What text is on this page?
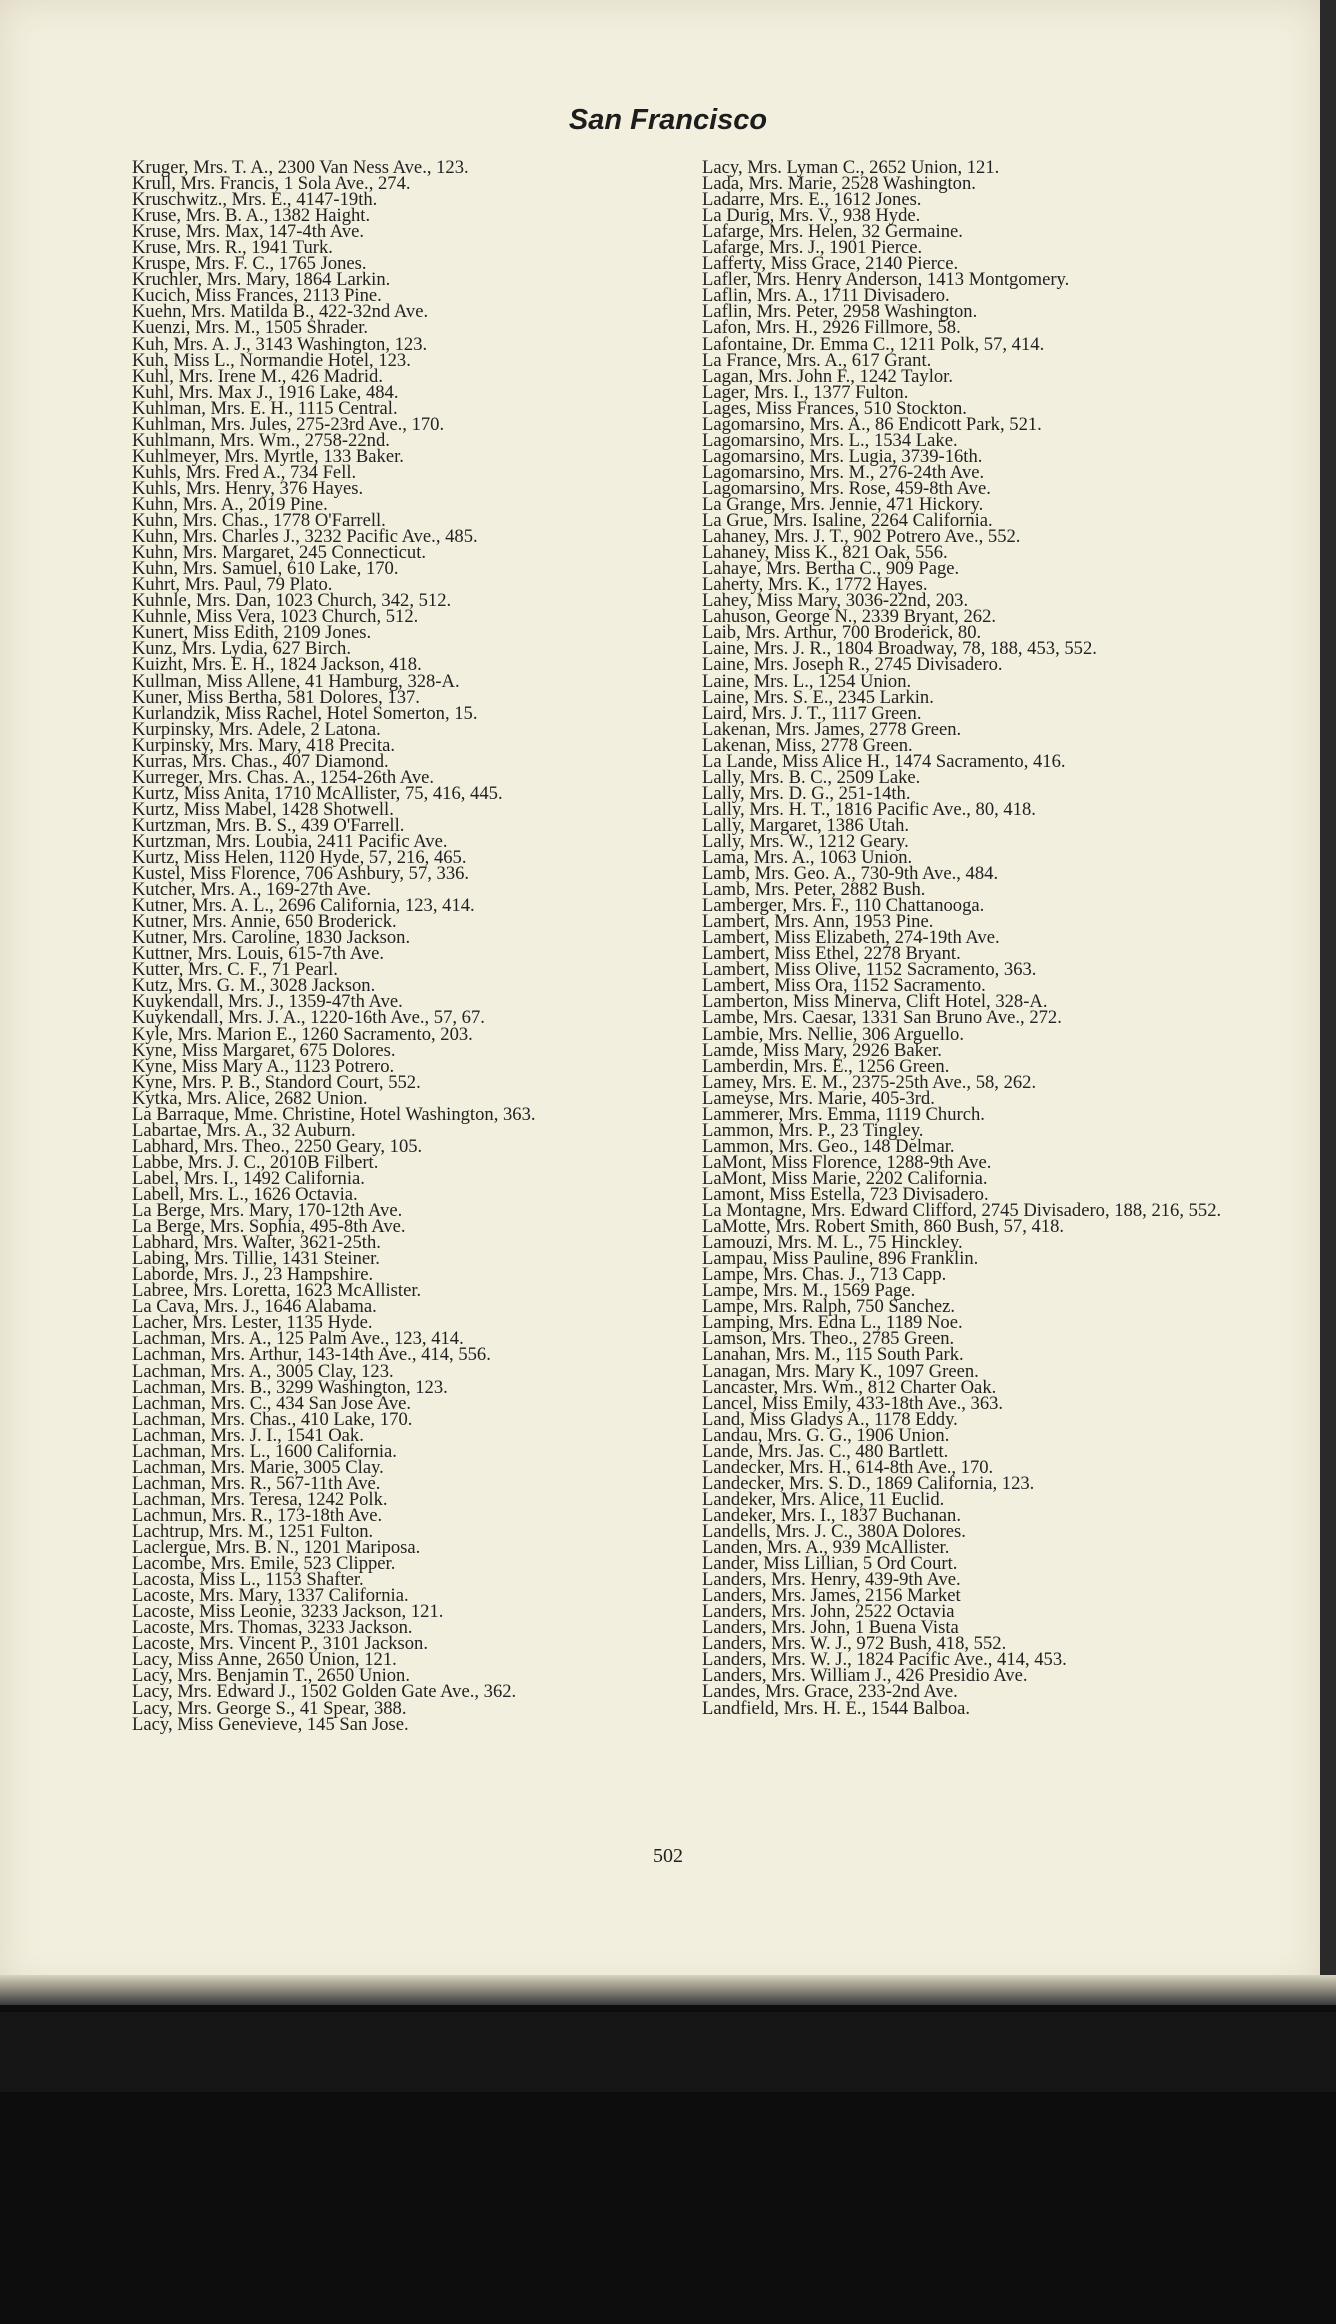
San Francisco
Kruger, Mrs. T. A., 2300 Van Ness Ave., 123.
Krull, Mrs. Francis, 1 Sola Ave., 274.
Kruschwitz., Mrs. E., 4147-19th.
Kruse, Mrs. B. A., 1382 Haight.
Kruse, Mrs. Max, 147-4th Ave.
Kruse, Mrs. R., 1941 Turk.
Kruspe, Mrs. F. C., 1765 Jones.
Kruchler, Mrs. Mary, 1864 Larkin.
Kucich, Miss Frances, 2113 Pine.
Kuehn, Mrs. Matilda B., 422-32nd Ave.
Kuenzi, Mrs. M., 1505 Shrader.
Kuh, Mrs. A. J., 3143 Washington, 123.
Kuh, Miss L., Normandie Hotel, 123.
Kuhl, Mrs. Irene M., 426 Madrid.
Kuhl, Mrs. Max J., 1916 Lake, 484.
Kuhlman, Mrs. E. H., 1115 Central.
Kuhlman, Mrs. Jules, 275-23rd Ave., 170.
Kuhlmann, Mrs. Wm., 2758-22nd.
Kuhlmeyer, Mrs. Myrtle, 133 Baker.
Kuhls, Mrs. Fred A., 734 Fell.
Kuhls, Mrs. Henry, 376 Hayes.
Kuhn, Mrs. A., 2019 Pine.
Kuhn, Mrs. Chas., 1778 O'Farrell.
Kuhn, Mrs. Charles J., 3232 Pacific Ave., 485.
Kuhn, Mrs. Margaret, 245 Connecticut.
Kuhn, Mrs. Samuel, 610 Lake, 170.
Kuhrt, Mrs. Paul, 79 Plato.
Kuhnle, Mrs. Dan, 1023 Church, 342, 512.
Kuhnle, Miss Vera, 1023 Church, 512.
Kunert, Miss Edith, 2109 Jones.
Kunz, Mrs. Lydia, 627 Birch.
Kuizht, Mrs. E. H., 1824 Jackson, 418.
Kullman, Miss Allene, 41 Hamburg, 328-A.
Kuner, Miss Bertha, 581 Dolores, 137.
Kurlandzik, Miss Rachel, Hotel Somerton, 15.
Kurpinsky, Mrs. Adele, 2 Latona.
Kurpinsky, Mrs. Mary, 418 Precita.
Kurras, Mrs. Chas., 407 Diamond.
Kurreger, Mrs. Chas. A., 1254-26th Ave.
Kurtz, Miss Anita, 1710 McAllister, 75, 416, 445.
Kurtz, Miss Mabel, 1428 Shotwell.
Kurtzman, Mrs. B. S., 439 O'Farrell.
Kurtzman, Mrs. Loubia, 2411 Pacific Ave.
Kurtz, Miss Helen, 1120 Hyde, 57, 216, 465.
Kustel, Miss Florence, 706 Ashbury, 57, 336.
Kutcher, Mrs. A., 169-27th Ave.
Kutner, Mrs. A. L., 2696 California, 123, 414.
Kutner, Mrs. Annie, 650 Broderick.
Kutner, Mrs. Caroline, 1830 Jackson.
Kuttner, Mrs. Louis, 615-7th Ave.
Kutter, Mrs. C. F., 71 Pearl.
Kutz, Mrs. G. M., 3028 Jackson.
Kuykendall, Mrs. J., 1359-47th Ave.
Kuykendall, Mrs. J. A., 1220-16th Ave., 57, 67.
Kyle, Mrs. Marion E., 1260 Sacramento, 203.
Kyne, Miss Margaret, 675 Dolores.
Kyne, Miss Mary A., 1123 Potrero.
Kyne, Mrs. P. B., Standord Court, 552.
Kytka, Mrs. Alice, 2682 Union.
La Barraque, Mme. Christine, Hotel Washington, 363.
Labartae, Mrs. A., 32 Auburn.
Labhard, Mrs. Theo., 2250 Geary, 105.
Labbe, Mrs. J. C., 2010B Filbert.
Label, Mrs. I., 1492 California.
Labell, Mrs. L., 1626 Octavia.
La Berge, Mrs. Mary, 170-12th Ave.
La Berge, Mrs. Sophia, 495-8th Ave.
Labhard, Mrs. Walter, 3621-25th.
Labing, Mrs. Tillie, 1431 Steiner.
Laborde, Mrs. J., 23 Hampshire.
Labree, Mrs. Loretta, 1623 McAllister.
La Cava, Mrs. J., 1646 Alabama.
Lacher, Mrs. Lester, 1135 Hyde.
Lachman, Mrs. A., 125 Palm Ave., 123, 414.
Lachman, Mrs. Arthur, 143-14th Ave., 414, 556.
Lachman, Mrs. A., 3005 Clay, 123.
Lachman, Mrs. B., 3299 Washington, 123.
Lachman, Mrs. C., 434 San Jose Ave.
Lachman, Mrs. Chas., 410 Lake, 170.
Lachman, Mrs. J. I., 1541 Oak.
Lachman, Mrs. L., 1600 California.
Lachman, Mrs. Marie, 3005 Clay.
Lachman, Mrs. R., 567-11th Ave.
Lachman, Mrs. Teresa, 1242 Polk.
Lachmun, Mrs. R., 173-18th Ave.
Lachtrup, Mrs. M., 1251 Fulton.
Laclergue, Mrs. B. N., 1201 Mariposa.
Lacombe, Mrs. Emile, 523 Clipper.
Lacosta, Miss L., 1153 Shafter.
Lacoste, Mrs. Mary, 1337 California.
Lacoste, Miss Leonie, 3233 Jackson, 121.
Lacoste, Mrs. Thomas, 3233 Jackson.
Lacoste, Mrs. Vincent P., 3101 Jackson.
Lacy, Miss Anne, 2650 Union, 121.
Lacy, Mrs. Benjamin T., 2650 Union.
Lacy, Mrs. Edward J., 1502 Golden Gate Ave., 362.
Lacy, Mrs. George S., 41 Spear, 388.
Lacy, Miss Genevieve, 145 San Jose.
Lacy, Mrs. Lyman C., 2652 Union, 121.
Lada, Mrs. Marie, 2528 Washington.
Ladarre, Mrs. E., 1612 Jones.
La Durig, Mrs. V., 938 Hyde.
Lafarge, Mrs. Helen, 32 Germaine.
Lafarge, Mrs. J., 1901 Pierce.
Lafferty, Miss Grace, 2140 Pierce.
Lafler, Mrs. Henry Anderson, 1413 Montgomery.
Laflin, Mrs. A., 1711 Divisadero.
Laflin, Mrs. Peter, 2958 Washington.
Lafon, Mrs. H., 2926 Fillmore, 58.
Lafontaine, Dr. Emma C., 1211 Polk, 57, 414.
La France, Mrs. A., 617 Grant.
Lagan, Mrs. John F., 1242 Taylor.
Lager, Mrs. I., 1377 Fulton.
Lages, Miss Frances, 510 Stockton.
Lagomarsino, Mrs. A., 86 Endicott Park, 521.
Lagomarsino, Mrs. L., 1534 Lake.
Lagomarsino, Mrs. Lugia, 3739-16th.
Lagomarsino, Mrs. M., 276-24th Ave.
Lagomarsino, Mrs. Rose, 459-8th Ave.
La Grange, Mrs. Jennie, 471 Hickory.
La Grue, Mrs. Isaline, 2264 California.
Lahaney, Mrs. J. T., 902 Potrero Ave., 552.
Lahaney, Miss K., 821 Oak, 556.
Lahaye, Mrs. Bertha C., 909 Page.
Laherty, Mrs. K., 1772 Hayes.
Lahey, Miss Mary, 3036-22nd, 203.
Lahuson, George N., 2339 Bryant, 262.
Laib, Mrs. Arthur, 700 Broderick, 80.
Laine, Mrs. J. R., 1804 Broadway, 78, 188, 453, 552.
Laine, Mrs. Joseph R., 2745 Divisadero.
Laine, Mrs. L., 1254 Union.
Laine, Mrs. S. E., 2345 Larkin.
Laird, Mrs. J. T., 1117 Green.
Lakenan, Mrs. James, 2778 Green.
Lakenan, Miss, 2778 Green.
La Lande, Miss Alice H., 1474 Sacramento, 416.
Lally, Mrs. B. C., 2509 Lake.
Lally, Mrs. D. G., 251-14th.
Lally, Mrs. H. T., 1816 Pacific Ave., 80, 418.
Lally, Margaret, 1386 Utah.
Lally, Mrs. W., 1212 Geary.
Lama, Mrs. A., 1063 Union.
Lamb, Mrs. Geo. A., 730-9th Ave., 484.
Lamb, Mrs. Peter, 2882 Bush.
Lamberger, Mrs. F., 110 Chattanooga.
Lambert, Mrs. Ann, 1953 Pine.
Lambert, Miss Elizabeth, 274-19th Ave.
Lambert, Miss Ethel, 2278 Bryant.
Lambert, Miss Olive, 1152 Sacramento, 363.
Lambert, Miss Ora, 1152 Sacramento.
Lamberton, Miss Minerva, Clift Hotel, 328-A.
Lambe, Mrs. Caesar, 1331 San Bruno Ave., 272.
Lambie, Mrs. Nellie, 306 Arguello.
Lamde, Miss Mary, 2926 Baker.
Lamberdin, Mrs. E., 1256 Green.
Lamey, Mrs. E. M., 2375-25th Ave., 58, 262.
Lameyse, Mrs. Marie, 405-3rd.
Lammerer, Mrs. Emma, 1119 Church.
Lammon, Mrs. P., 23 Tingley.
Lammon, Mrs. Geo., 148 Delmar.
LaMont, Miss Florence, 1288-9th Ave.
LaMont, Miss Marie, 2202 California.
Lamont, Miss Estella, 723 Divisadero.
La Montagne, Mrs. Edward Clifford, 2745 Divisadero, 188, 216, 552.
LaMotte, Mrs. Robert Smith, 860 Bush, 57, 418.
Lamouzi, Mrs. M. L., 75 Hinckley.
Lampau, Miss Pauline, 896 Franklin.
Lampe, Mrs. Chas. J., 713 Capp.
Lampe, Mrs. M., 1569 Page.
Lampe, Mrs. Ralph, 750 Sanchez.
Lamping, Mrs. Edna L., 1189 Noe.
Lamson, Mrs. Theo., 2785 Green.
Lanahan, Mrs. M., 115 South Park.
Lanagan, Mrs. Mary K., 1097 Green.
Lancaster, Mrs. Wm., 812 Charter Oak.
Lancel, Miss Emily, 433-18th Ave., 363.
Land, Miss Gladys A., 1178 Eddy.
Landau, Mrs. G. G., 1906 Union.
Lande, Mrs. Jas. C., 480 Bartlett.
Landecker, Mrs. H., 614-8th Ave., 170.
Landecker, Mrs. S. D., 1869 California, 123.
Landeker, Mrs. Alice, 11 Euclid.
Landeker, Mrs. I., 1837 Buchanan.
Landells, Mrs. J. C., 380A Dolores.
Landen, Mrs. A., 939 McAllister.
Lander, Miss Lillian, 5 Ord Court.
Landers, Mrs. Henry, 439-9th Ave.
Landers, Mrs. James, 2156 Market
Landers, Mrs. John, 2522 Octavia
Landers, Mrs. John, 1 Buena Vista
Landers, Mrs. W. J., 972 Bush, 418, 552.
Landers, Mrs. W. J., 1824 Pacific Ave., 414, 453.
Landers, Mrs. William J., 426 Presidio Ave.
Landes, Mrs. Grace, 233-2nd Ave.
Landfield, Mrs. H. E., 1544 Balboa.
502
